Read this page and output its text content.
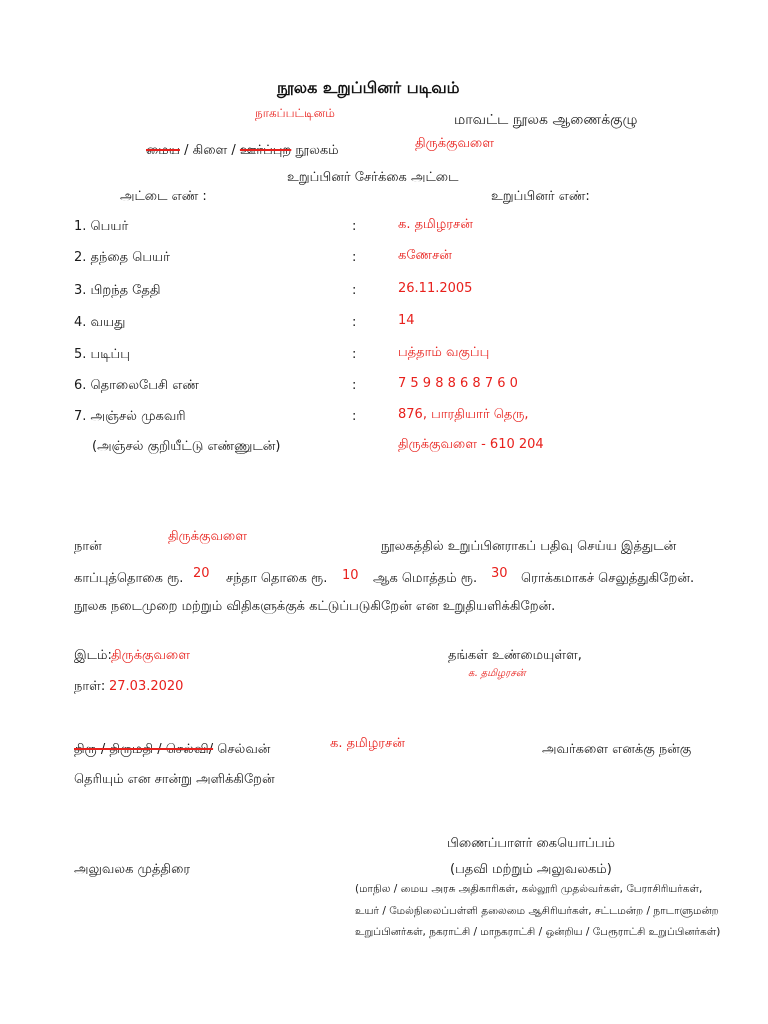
நூலக உறுப்பினர் படிவம்
நாகப்பட்டினம்	மாவட்ட நூலக ஆணைக்குழு
மைய / கிளை / ஊர்ப்புற நூலகம்	திருக்குவளை
உறுப்பினர் சேர்க்கை அட்டை
அட்டை எண் :	உறுப்பினர் எண்:
1. பெயர்	:	க. தமிழரசன்
2. தந்தை பெயர்	:	கணேசன்
3. பிறந்த தேதி	:	26.11.2005
4. வயது	:	14
5. படிப்பு	:	பத்தாம் வகுப்பு
6. தொலைபேசி எண்	:	7 5 9 8 8 6 8 7 6 0
7. அஞ்சல் முகவரி	:	876, பாரதியார் தெரு,
(அஞ்சல் குறியீட்டு எண்ணுடன்)	திருக்குவளை - 610 204
நான்
திருக்குவளை
நூலகத்தில் உறுப்பினராகப் பதிவு செய்ய இத்துடன்
காப்புத்தொகை ரூ. 20 சந்தா தொகை ரூ. 10 ஆக மொத்தம் ரூ. 30 ரொக்கமாகச் செலுத்துகிறேன்.
நூலக நடைமுறை மற்றும் விதிகளுக்குக் கட்டுப்படுகிறேன் என உறுதியளிக்கிறேன்.
இடம்: திருக்குவளை	தங்கள் உண்மையுள்ள,
க. தமிழரசன்
நாள்: 27.03.2020
திரு / திருமதி / செல்வி/ செல்வன்	க. தமிழரசன்	அவர்களை எனக்கு நன்கு
தெரியும் என சான்று அளிக்கிறேன்
பிணைப்பாளர் கையொப்பம்
அலுவலக முத்திரை	(பதவி மற்றும் அலுவலகம்)
(மாநில / மைய அரசு அதிகாரிகள், கல்லூரி முதல்வர்கள், பேராசிரியர்கள்,
உயர் / மேல்நிலைப்பள்ளி தலைமை ஆசிரியர்கள், சட்டமன்ற / நாடாளுமன்ற
உறுப்பினர்கள், நகராட்சி / மாநகராட்சி / ஒன்றிய / பேரூராட்சி உறுப்பினர்கள்)
